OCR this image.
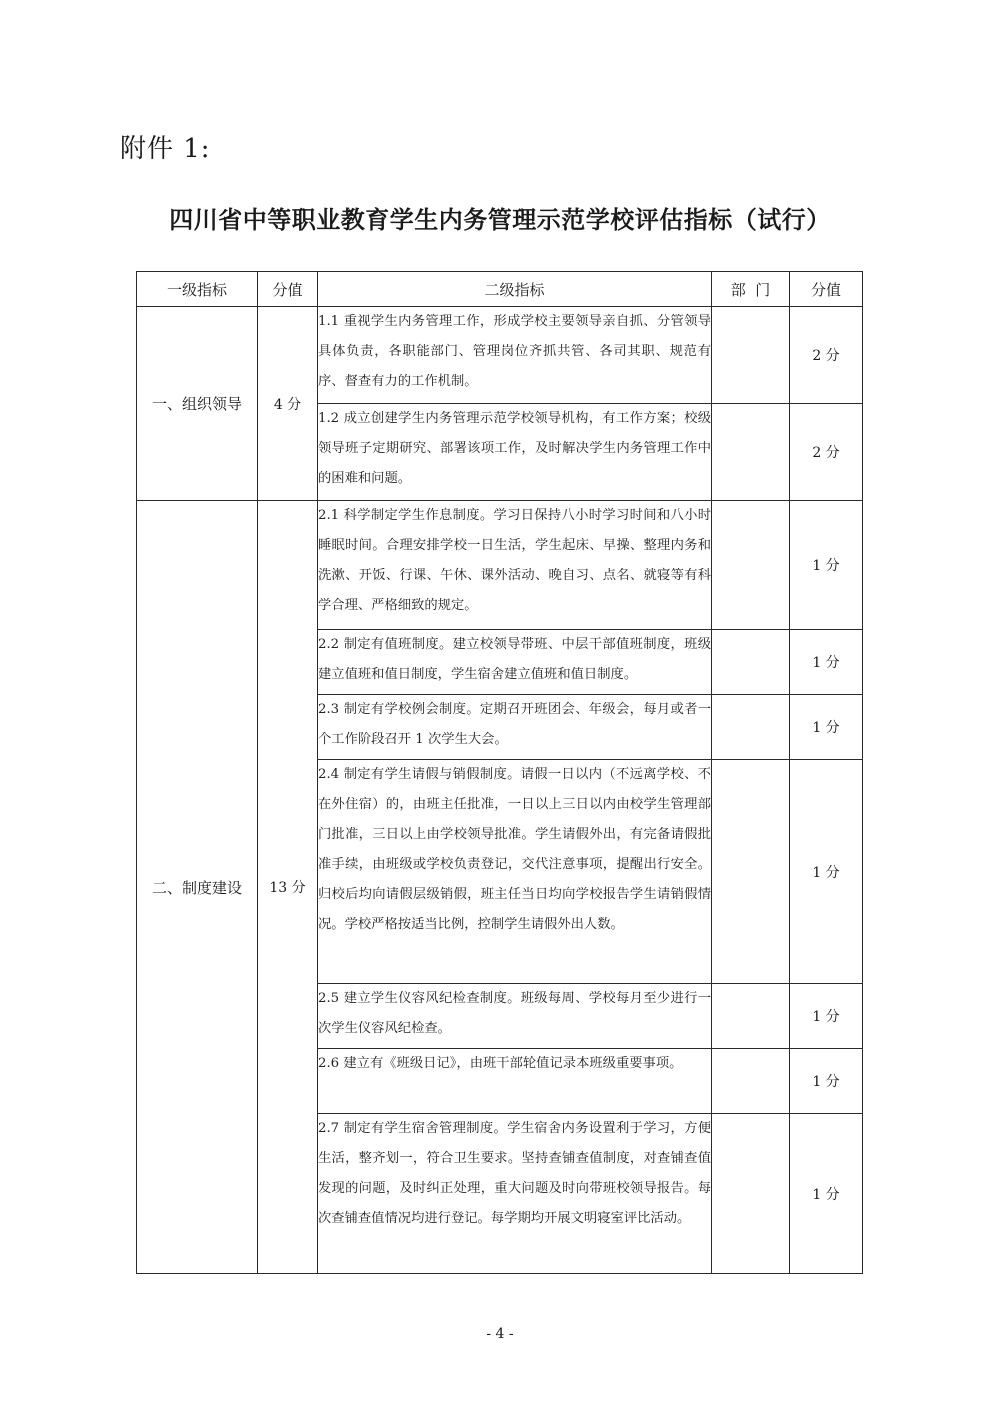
附件 1:
四川省中等职业教育学生内务管理示范学校评估指标（试行）
一级指标	分值	二级指标	部  门	分值
一、组织领导	4 分	1.1 重视学生内务管理工作，形成学校主要领导亲自抓、分管领导具体负责，各职能部门、管理岗位齐抓共管、各司其职、规范有序、督查有力的工作机制。		2 分
		1.2 成立创建学生内务管理示范学校领导机构，有工作方案；校级领导班子定期研究、部署该项工作，及时解决学生内务管理工作中的困难和问题。		2 分
二、制度建设	13 分	2.1 科学制定学生作息制度。学习日保持八小时学习时间和八小时睡眠时间。合理安排学校一日生活，学生起床、早操、整理内务和洗漱、开饭、行课、午休、课外活动、晚自习、点名、就寝等有科学合理、严格细致的规定。		1 分
		2.2 制定有值班制度。建立校领导带班、中层干部值班制度，班级建立值班和值日制度，学生宿舍建立值班和值日制度。		1 分
		2.3 制定有学校例会制度。定期召开班团会、年级会，每月或者一个工作阶段召开 1 次学生大会。		1 分
		2.4 制定有学生请假与销假制度。请假一日以内（不远离学校、不在外住宿）的，由班主任批准，一日以上三日以内由校学生管理部门批准，三日以上由学校领导批准。学生请假外出，有完备请假批准手续，由班级或学校负责登记，交代注意事项，提醒出行安全。归校后均向请假层级销假，班主任当日均向学校报告学生请销假情况。学校严格按适当比例，控制学生请假外出人数。		1 分
		2.5 建立学生仪容风纪检查制度。班级每周、学校每月至少进行一次学生仪容风纪检查。		1 分
		2.6 建立有《班级日记》，由班干部轮值记录本班级重要事项。		1 分
		2.7 制定有学生宿舍管理制度。学生宿舍内务设置利于学习，方便生活，整齐划一，符合卫生要求。坚持查铺查值制度，对查铺查值发现的问题，及时纠正处理，重大问题及时向带班校领导报告。每次查铺查值情况均进行登记。每学期均开展文明寝室评比活动。		1 分
- 4 -
